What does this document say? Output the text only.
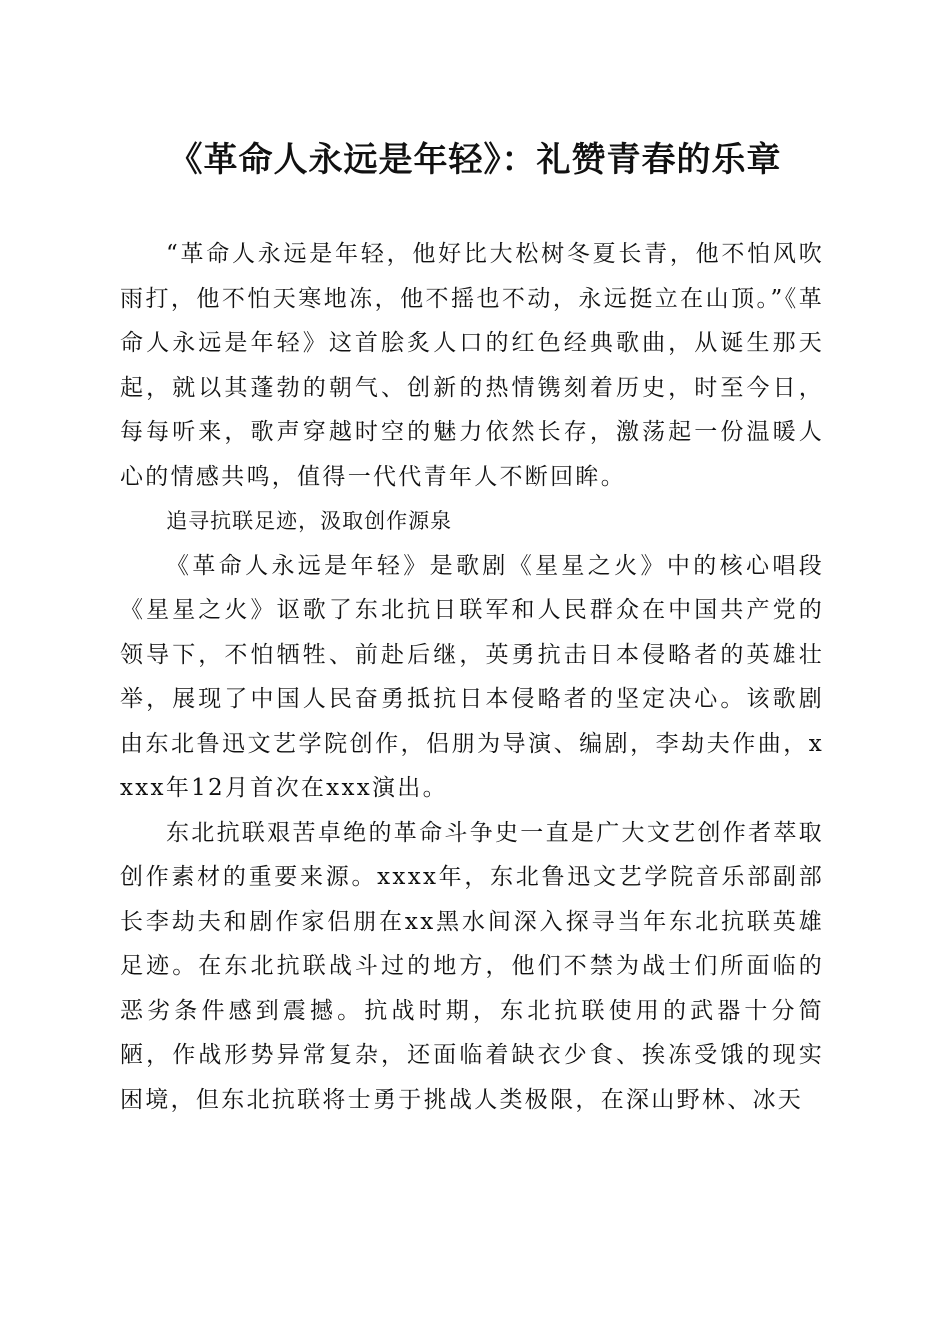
《革命人永远是年轻》：礼赞青春的乐章

“革命人永远是年轻，他好比大松树冬夏长青，他不怕风吹雨打，他不怕天寒地冻，他不摇也不动，永远挺立在山顶。”《革命人永远是年轻》这首脍炙人口的红色经典歌曲，从诞生那天起，就以其蓬勃的朝气、创新的热情镌刻着历史，时至今日，每每听来，歌声穿越时空的魅力依然长存，激荡起一份温暖人心的情感共鸣，值得一代代青年人不断回眸。

追寻抗联足迹，汲取创作源泉

《革命人永远是年轻》是歌剧《星星之火》中的核心唱段《星星之火》讴歌了东北抗日联军和人民群众在中国共产党的领导下，不怕牺牲、前赴后继，英勇抗击日本侵略者的英雄壮举，展现了中国人民奋勇抵抗日本侵略者的坚定决心。该歌剧由东北鲁迅文艺学院创作，侣朋为导演、编剧，李劫夫作曲，xxxx年12月首次在xxx演出。

东北抗联艰苦卓绝的革命斗争史一直是广大文艺创作者萃取创作素材的重要来源。xxxx年，东北鲁迅文艺学院音乐部副部长李劫夫和剧作家侣朋在xx黑水间深入探寻当年东北抗联英雄足迹。在东北抗联战斗过的地方，他们不禁为战士们所面临的恶劣条件感到震撼。抗战时期，东北抗联使用的武器十分简陋，作战形势异常复杂，还面临着缺衣少食、挨冻受饿的现实困境，但东北抗联将士勇于挑战人类极限，在深山野林、冰天
